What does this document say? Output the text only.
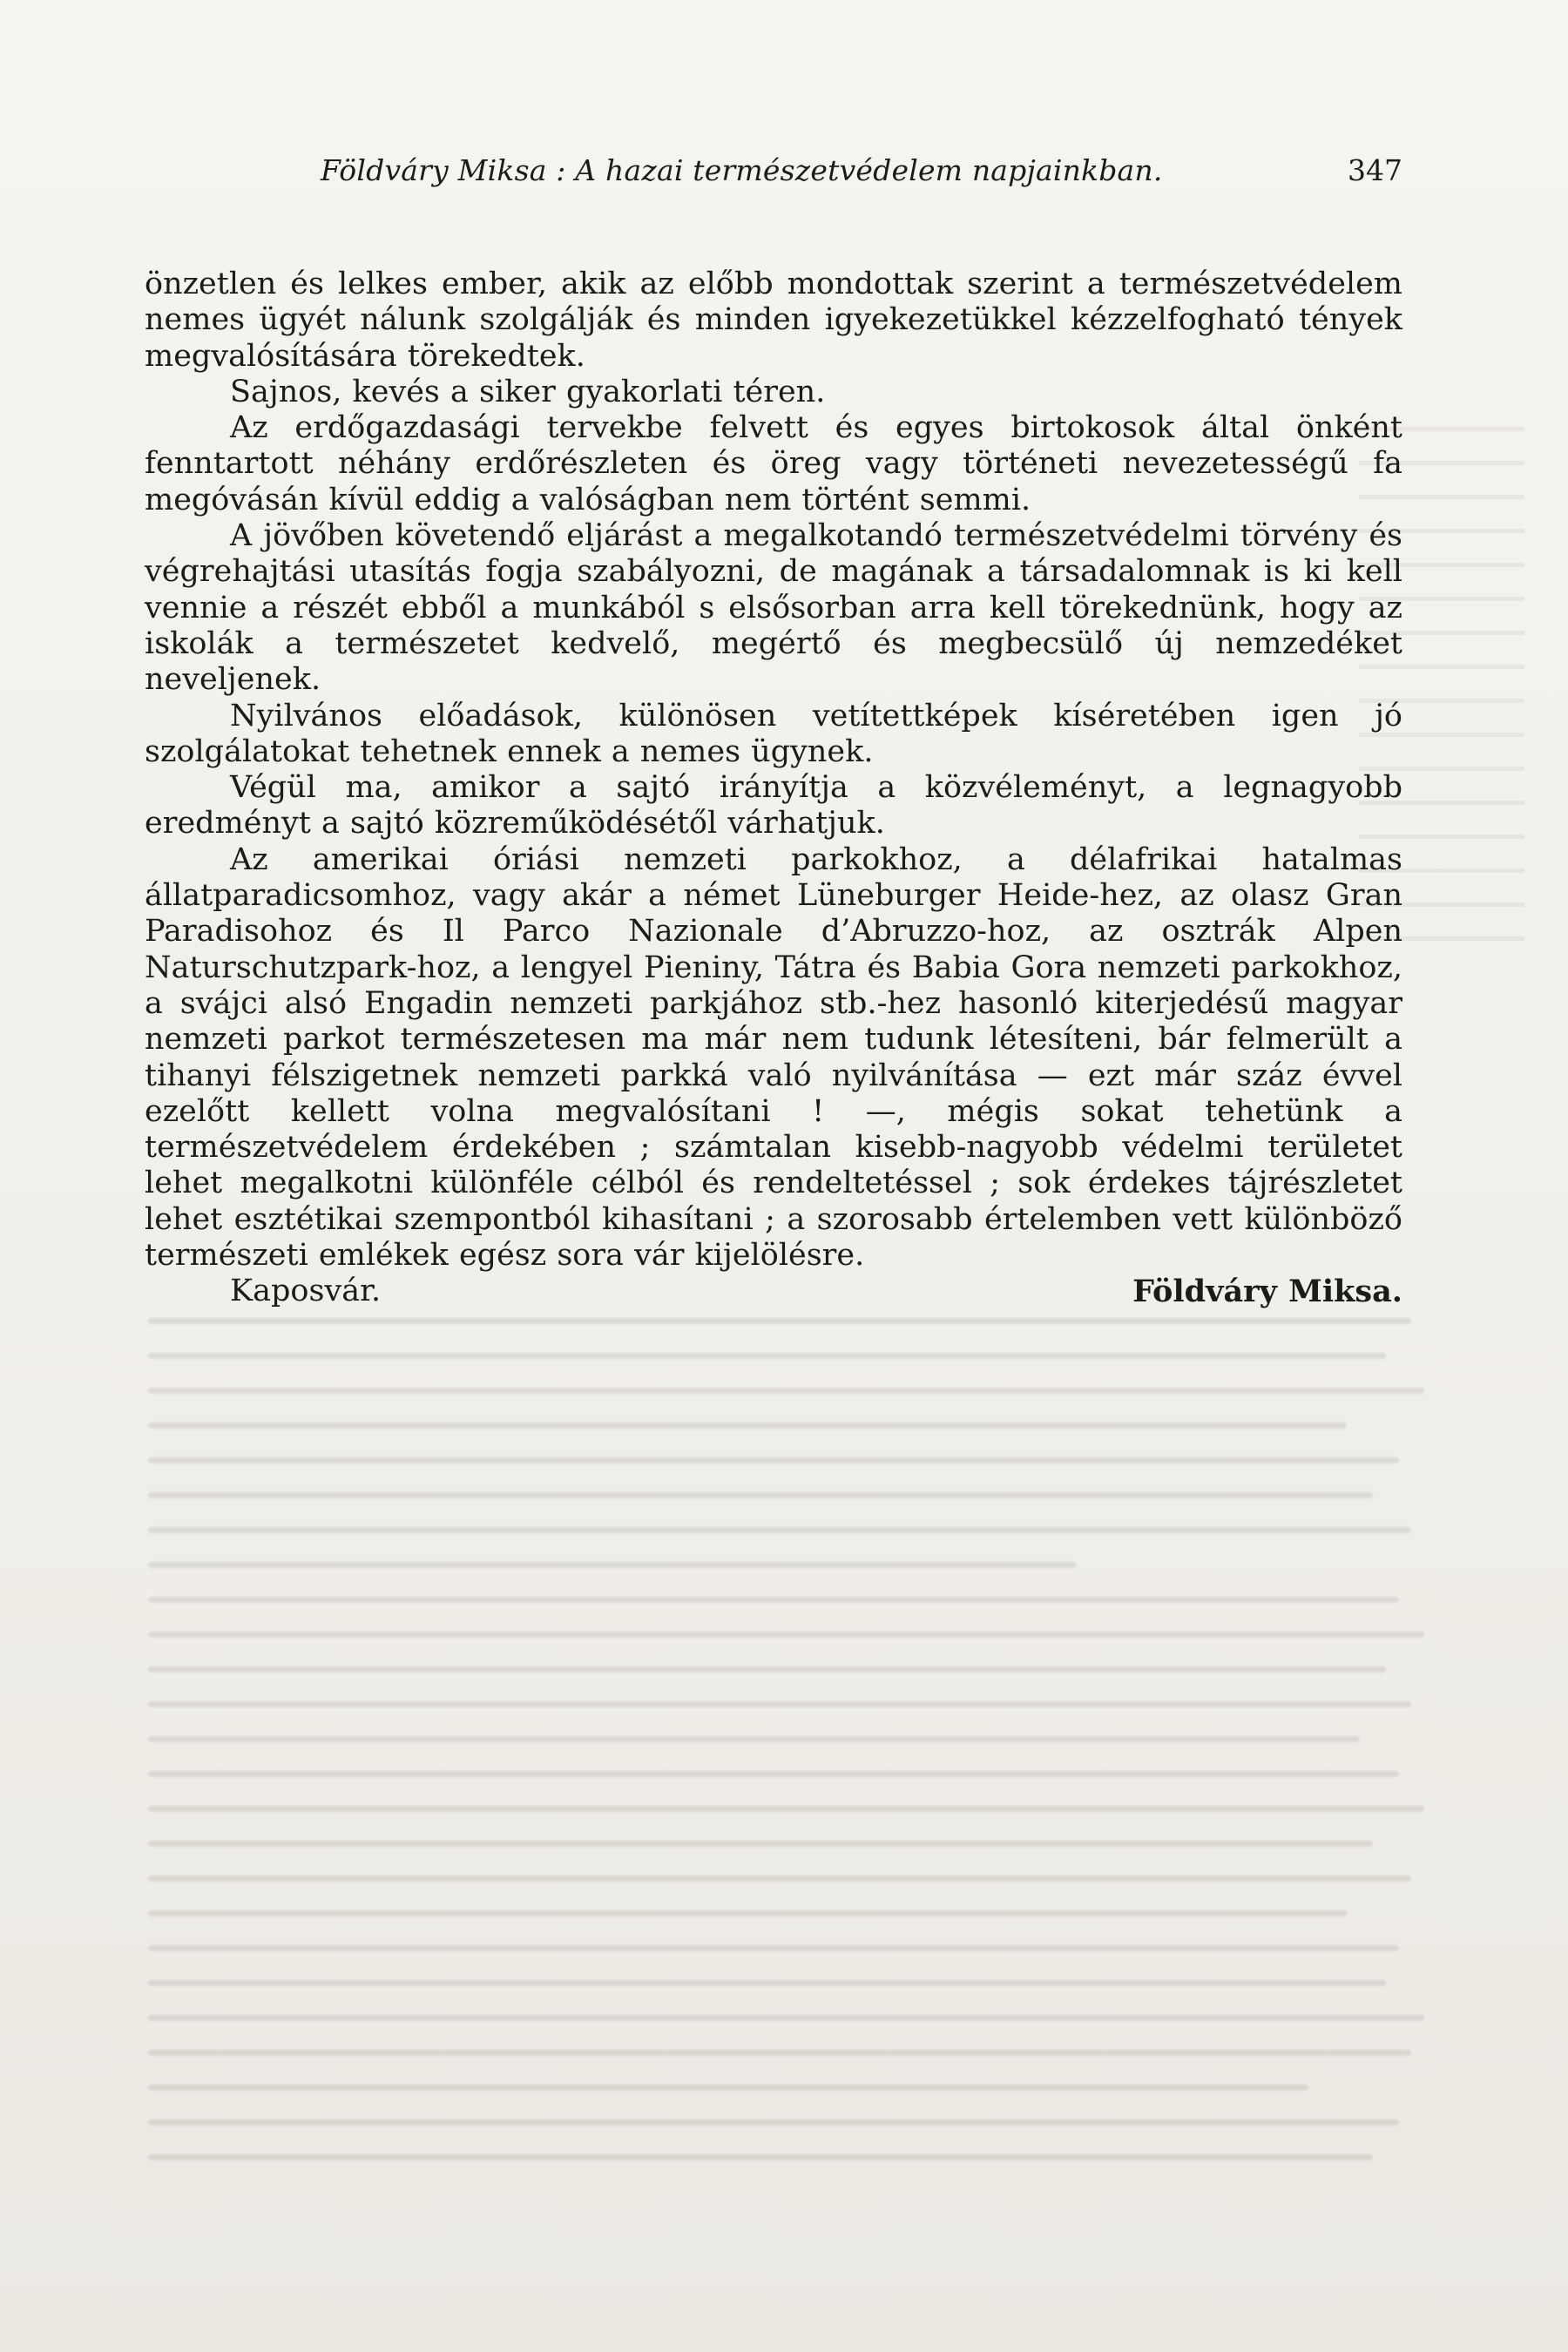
Földváry Miksa : A hazai természetvédelem napjainkban.	347

önzetlen és lelkes ember, akik az előbb mondottak szerint a természetvédelem nemes ügyét nálunk szolgálják és minden igyekezetükkel kézzelfogható tények megvalósítására törekedtek.

Sajnos, kevés a siker gyakorlati téren.

Az erdőgazdasági tervekbe felvett és egyes birtokosok által önként fenntartott néhány erdőrészleten és öreg vagy történeti nevezetességű fa megóvásán kívül eddig a valóságban nem történt semmi.

A jövőben követendő eljárást a megalkotandó természetvédelmi törvény és végrehajtási utasítás fogja szabályozni, de magának a társadalomnak is ki kell vennie a részét ebből a munkából s elsősorban arra kell törekednünk, hogy az iskolák a természetet kedvelő, megértő és megbecsülő új nemzedéket neveljenek.

Nyilvános előadások, különösen vetítettképek kíséretében igen jó szolgálatokat tehetnek ennek a nemes ügynek.

Végül ma, amikor a sajtó irányítja a közvéleményt, a legnagyobb eredményt a sajtó közreműködésétől várhatjuk.

Az amerikai óriási nemzeti parkokhoz, a délafrikai hatalmas állatparadicsomhoz, vagy akár a német Lüneburger Heide-hez, az olasz Gran Paradisohoz és Il Parco Nazionale d’Abruzzo-hoz, az osztrák Alpen Naturschutzpark-hoz, a lengyel Pieniny, Tátra és Babia Gora nemzeti parkokhoz, a svájci alsó Engadin nemzeti parkjához stb.-hez hasonló kiterjedésű magyar nemzeti parkot természetesen ma már nem tudunk létesíteni, bár felmerült a tihanyi félszigetnek nemzeti parkká való nyilvánítása — ezt már száz évvel ezelőtt kellett volna megvalósítani ! —, mégis sokat tehetünk a természetvédelem érdekében ; számtalan kisebb-nagyobb védelmi területet lehet megalkotni különféle célból és rendeltetéssel ; sok érdekes tájrészletet lehet esztétikai szempontból kihasítani ; a szorosabb értelemben vett különböző természeti emlékek egész sora vár kijelölésre.

Kaposvár.	Földváry Miksa.
